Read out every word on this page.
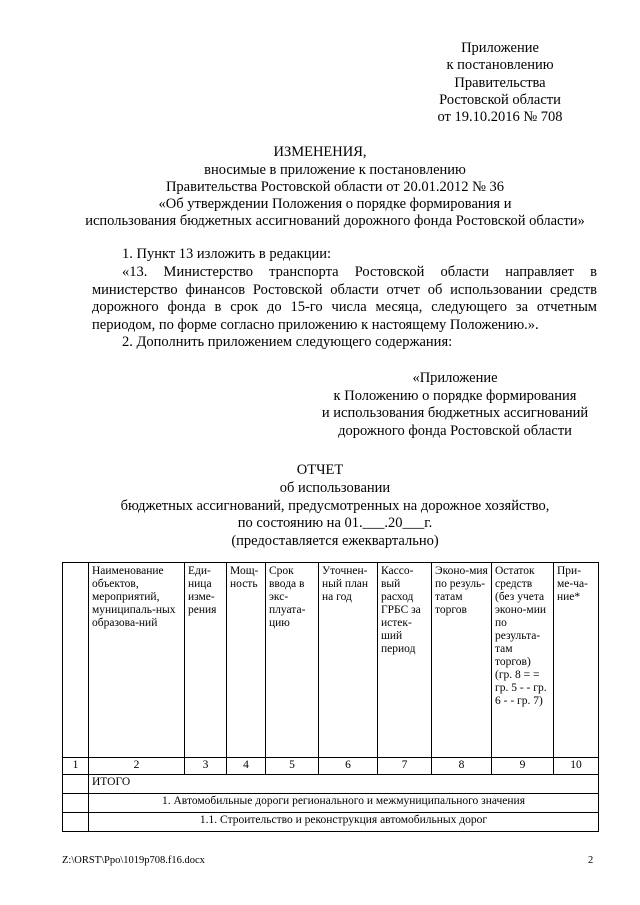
Приложение
к постановлению
Правительства
Ростовской области
от 19.10.2016 № 708
ИЗМЕНЕНИЯ,
вносимые в приложение к постановлению
Правительства Ростовской области от 20.01.2012 № 36
«Об утверждении Положения о порядке формирования и
использования бюджетных ассигнований дорожного фонда Ростовской области»
1. Пункт 13 изложить в редакции:
«13. Министерство транспорта Ростовской области направляет в министерство финансов Ростовской области отчет об использовании средств дорожного фонда в срок до 15-го числа месяца, следующего за отчетным периодом, по форме согласно приложению к настоящему Положению.».
2. Дополнить приложением следующего содержания:
«Приложение
к Положению о порядке формирования
и использования бюджетных ассигнований
дорожного фонда Ростовской области
ОТЧЕТ
об использовании
бюджетных ассигнований, предусмотренных на дорожное хозяйство,
по состоянию на 01.___.20___г.
(предоставляется ежеквартально)
	Наименование объектов, мероприятий, муниципаль-ных образова-ний	Еди-ница изме-рения	Мощ-ность	Срок ввода в экс-плуата-цию	Уточнен-ный план на год	Кассо-вый расход ГРБС за истек-ший период	Эконо-мия по резуль-татам торгов	Остаток средств (без учета эконо-мии по результа-там торгов) (гр. 8 = = гр. 5 - - гр. 6 - - гр. 7)	При-ме-ча-ние*
1	2	3	4	5	6	7	8	9	10
	ИТОГО								
	1. Автомобильные дороги регионального и межмуниципального значения								
	1.1. Строительство и реконструкция автомобильных дорог								
Z:\ORST\Ppo\1019p708.f16.docx	2
